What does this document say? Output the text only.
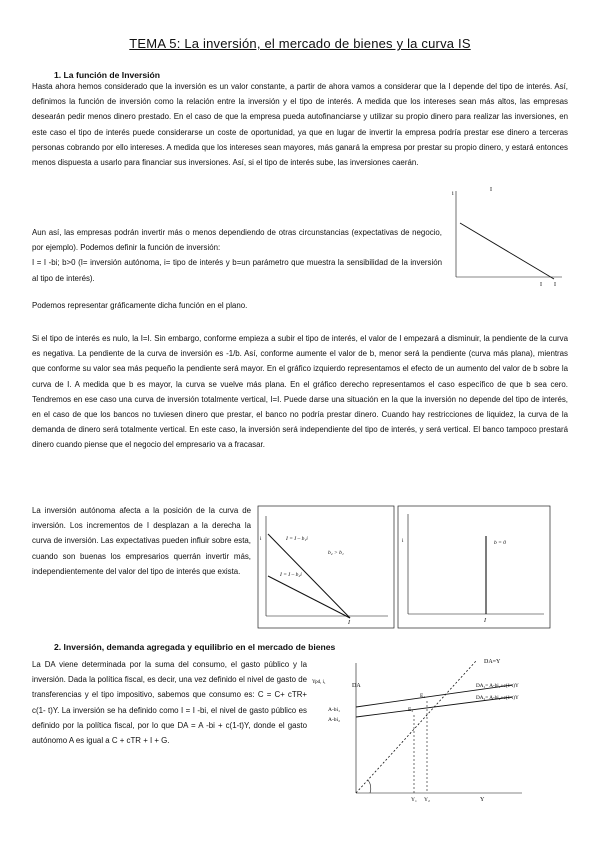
TEMA 5: La inversión, el mercado de bienes y la curva IS
1. La función de Inversión
Hasta ahora hemos considerado que la inversión es un valor constante, a partir de ahora vamos a considerar que la I depende del tipo de interés. Así, definimos la función de inversión como la relación entre la inversión y el tipo de interés. A medida que los intereses sean más altos, las empresas desearán pedir menos dinero prestado. En el caso de que la empresa pueda autofinanciarse y utilizar su propio dinero para realizar las inversiones, en este caso el tipo de interés puede considerarse un coste de oportunidad, ya que en lugar de invertir la empresa podría prestar ese dinero a terceras personas cobrando por ello intereses. A medida que los intereses sean mayores, más ganará la empresa por prestar su propio dinero, y estará entonces menos dispuesta a usarlo para financiar sus inversiones. Así, si el tipo de interés sube, las inversiones caerán.
Aun así, las empresas podrán invertir más o menos dependiendo de otras circunstancias (expectativas de negocio, por ejemplo). Podemos definir la función de inversión:
I = I -bi; b>0 (I= inversión autónoma, i= tipo de interés y b=un parámetro que muestra la sensibilidad de la inversión al tipo de interés).
i
I
I I
Podemos representar gráficamente dicha función en el plano.
Si el tipo de interés es nulo, la I=I. Sin embargo, conforme empieza a subir el tipo de interés, el valor de I empezará a disminuir, la pendiente de la curva es negativa. La pendiente de la curva de inversión es -1/b. Así, conforme aumente el valor de b, menor será la pendiente (curva más plana), mientras que conforme su valor sea más pequeño la pendiente será mayor. En el gráfico izquierdo representamos el efecto de un aumento del valor de b sobre la curva de I. A medida que b es mayor, la curva se vuelve más plana. En el gráfico derecho representamos el caso específico de que b sea cero. Tendremos en ese caso una curva de inversión totalmente vertical, I=I. Puede darse una situación en la que la inversión no depende del tipo de interés, en el caso de que los bancos no tuviesen dinero que prestar, el banco no podría prestar dinero. Cuando hay restricciones de liquidez, la curva de la demanda de dinero será totalmente vertical. En este caso, la inversión será independiente del tipo de interés, y será vertical. El banco tampoco prestará dinero cuando piense que el negocio del empresario va a fracasar.
La inversión autónoma afecta a la posición de la curva de inversión. Los incrementos de I desplazan a la derecha la curva de inversión. Las expectativas pueden influir sobre esta, cuando son buenas los empresarios querrán invertir más, independientemente del valor del tipo de interés que exista.
i	I = I – b₁i
I = I – b₂i
b₂ > b₁
I
i	b = 0
I
2. Inversión, demanda agregada y equilibrio en el mercado de bienes
La DA viene determinada por la suma del consumo, el gasto público y la inversión. Dada la política fiscal, es decir, una vez definido el nivel de gasto de transferencias y el tipo impositivo, sabemos que consumo es: C = C+ cTR+ c(1- t)Y. La inversión se ha definido como I = I -bi, el nivel de gasto público es definido por la política fiscal, por lo que DA = A -bi + c(1-t)Y, donde el gasto autónomo A es igual a C + cTR + I + G.
DA
Ypd, i₁
A-bi₁
A-bi₂
DA=Y
DA₁= A-bi₁+c(1-t)Y
DA₂= A-bi₂+c(1-t)Y
E₁
E₂
Y₁ Y₂	Y
